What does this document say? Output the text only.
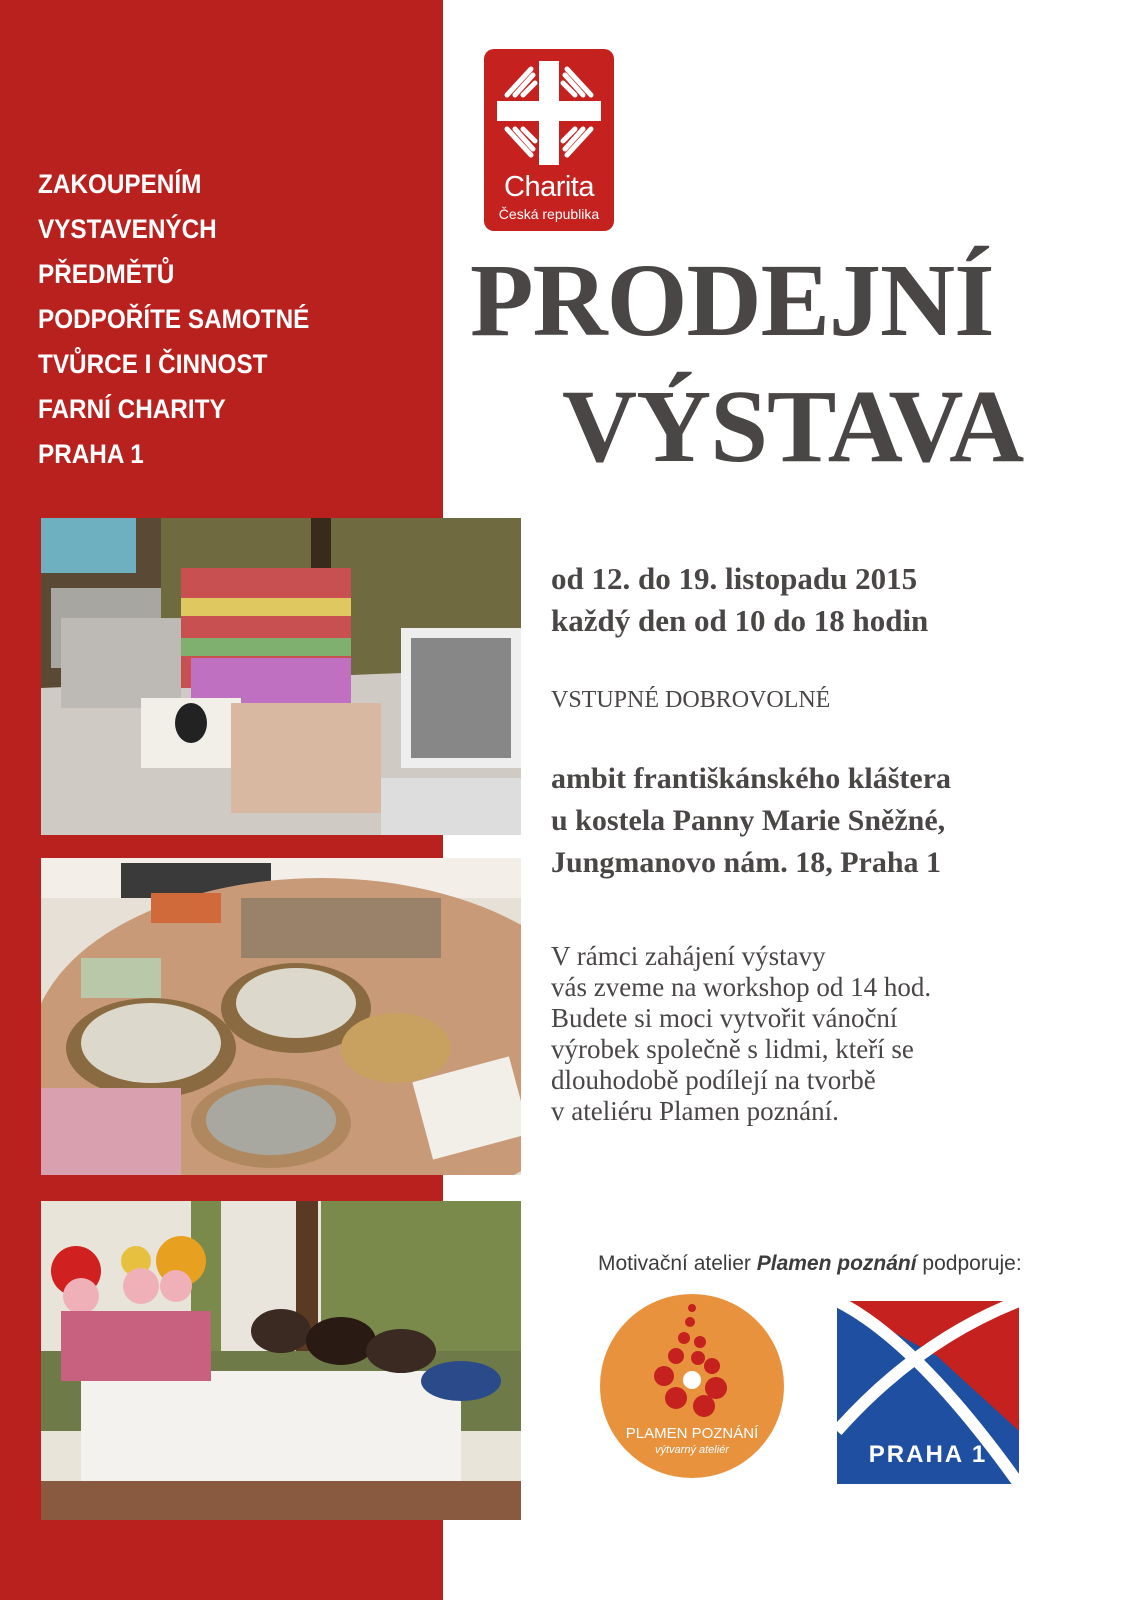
ZAKOUPENÍM
VYSTAVENÝCH
PŘEDMĚTŮ
PODPOŘÍTE SAMOTNÉ
TVŮRCE I ČINNOST
FARNÍ CHARITY
PRAHA 1
Charita
Česká republika
PRODEJNÍ
VÝSTAVA
od 12. do 19. listopadu 2015
každý den od 10 do 18 hodin
VSTUPNÉ DOBROVOLNÉ
ambit františkánského kláštera
u kostela Panny Marie Sněžné,
Jungmanovo nám. 18, Praha 1
V rámci zahájení výstavy
vás zveme na workshop od 14 hod.
Budete si moci vytvořit vánoční
výrobek společně s lidmi, kteří se
dlouhodobě podílejí na tvorbě
v ateliéru Plamen poznání.
Motivační atelier Plamen poznání podporuje:
PLAMEN POZNÁNÍ
výtvarný ateliér	PRAHA 1
